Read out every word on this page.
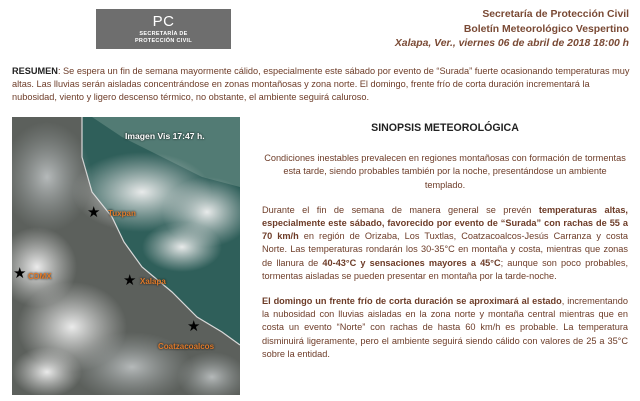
PC
SECRETARÍA DE
PROTECCIÓN CIVIL
Secretaría de Protección Civil
Boletín Meteorológico Vespertino
Xalapa, Ver., viernes 06 de abril de 2018 18:00 h
RESUMEN: Se espera un fin de semana mayormente cálido, especialmente este sábado por evento de “Surada” fuerte ocasionando temperaturas muy altas. Las lluvias serán aisladas concentrándose en zonas montañosas y zona norte. El domingo, frente frío de corta duración incrementará la nubosidad, viento y ligero descenso térmico, no obstante, el ambiente seguirá caluroso.
Imagen Vis 17:47 h.
★ Tuxpan
★ CDMX	★ Xalapa
★
Coatzacoalcos
SINOPSIS METEOROLÓGICA

Condiciones inestables prevalecen en regiones montañosas con formación de tormentas esta tarde, siendo probables también por la noche, presentándose un ambiente templado.

Durante el fin de semana de manera general se prevén temperaturas altas, especialmente este sábado, favorecido por evento de “Surada” con rachas de 55 a 70 km/h en región de Orizaba, Los Tuxtlas, Coatzacoalcos-Jesús Carranza y costa Norte. Las temperaturas rondarán los 30-35°C en montaña y costa, mientras que zonas de llanura de 40-43°C y sensaciones mayores a 45°C; aunque son poco probables, tormentas aisladas se pueden presentar en montaña por la tarde-noche.

El domingo un frente frío de corta duración se aproximará al estado, incrementando la nubosidad con lluvias aisladas en la zona norte y montaña central mientras que en costa un evento “Norte” con rachas de hasta 60 km/h es probable. La temperatura disminuirá ligeramente, pero el ambiente seguirá siendo cálido con valores de 25 a 35°C sobre la entidad.
